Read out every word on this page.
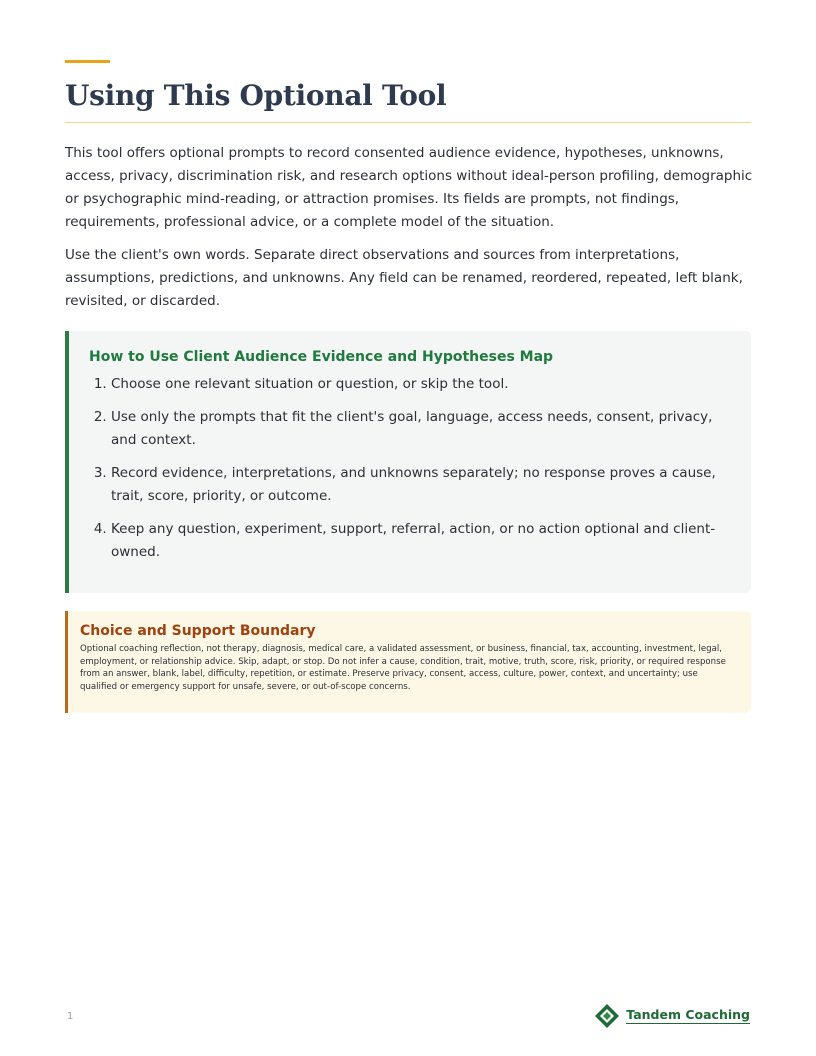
Using This Optional Tool

This tool offers optional prompts to record consented audience evidence, hypotheses, unknowns, access, privacy, discrimination risk, and research options without ideal-person profiling, demographic or psychographic mind-reading, or attraction promises. Its fields are prompts, not findings, requirements, professional advice, or a complete model of the situation.

Use the client's own words. Separate direct observations and sources from interpretations, assumptions, predictions, and unknowns. Any field can be renamed, reordered, repeated, left blank, revisited, or discarded.

How to Use Client Audience Evidence and Hypotheses Map
1. Choose one relevant situation or question, or skip the tool.
2. Use only the prompts that fit the client's goal, language, access needs, consent, privacy, and context.
3. Record evidence, interpretations, and unknowns separately; no response proves a cause, trait, score, priority, or outcome.
4. Keep any question, experiment, support, referral, action, or no action optional and client-owned.
Choice and Support Boundary

Optional coaching reflection, not therapy, diagnosis, medical care, a validated assessment, or business, financial, tax, accounting, investment, legal, employment, or relationship advice. Skip, adapt, or stop. Do not infer a cause, condition, trait, motive, truth, score, risk, priority, or required response from an answer, blank, label, difficulty, repetition, or estimate. Preserve privacy, consent, access, culture, power, context, and uncertainty; use qualified or emergency support for unsafe, severe, or out-of-scope concerns.

1	Tandem Coaching
